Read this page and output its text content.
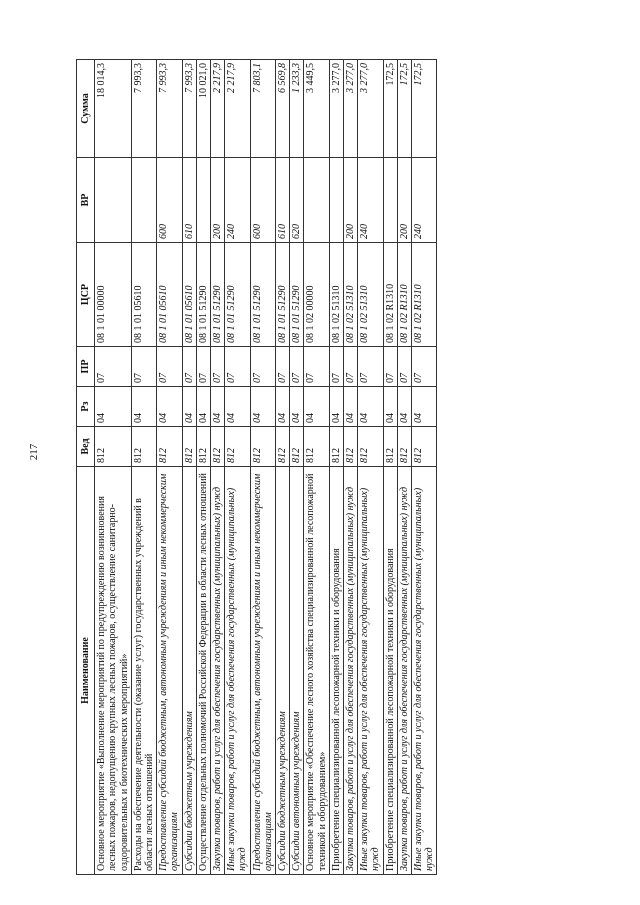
217
Наименование	Вед	Рз	ПР	ЦСР	ВР	Сумма
Основное мероприятие «Выполнение мероприятий по предупреждению возникновения лесных пожаров, недопущению крупных лесных пожаров, осуществление санитарно-оздоровительных и биотехнических мероприятий»	812	04	07	08 1 01 00000		18 014,3
Расходы на обеспечение деятельности (оказание услуг) государственных учреждений в области лесных отношений	812	04	07	08 1 01 05610		7 993,3
Предоставление субсидий бюджетным, автономным учреждениям и иным некоммерческим организациям	812	04	07	08 1 01 05610	600	7 993,3
Субсидии бюджетным учреждениям	812	04	07	08 1 01 05610	610	7 993,3
Осуществление отдельных полномочий Российской Федерации в области лесных отношений	812	04	07	08 1 01 51290		10 021,0
Закупка товаров, работ и услуг для обеспечения государственных (муниципальных) нужд	812	04	07	08 1 01 51290	200	2 217,9
Иные закупки товаров, работ и услуг для обеспечения государственных (муниципальных) нужд	812	04	07	08 1 01 51290	240	2 217,9
Предоставление субсидий бюджетным, автономным учреждениям и иным некоммерческим организациям	812	04	07	08 1 01 51290	600	7 803,1
Субсидии бюджетным учреждениям	812	04	07	08 1 01 51290	610	6 569,8
Субсидии автономным учреждениям	812	04	07	08 1 01 51290	620	1 233,3
Основное мероприятие «Обеспечение лесного хозяйства специализированной лесопожарной техникой и оборудованием»	812	04	07	08 1 02 00000		3 449,5
Приобретение специализированной лесопожарной техники и оборудования	812	04	07	08 1 02 51310		3 277,0
Закупка товаров, работ и услуг для обеспечения государственных (муниципальных) нужд	812	04	07	08 1 02 51310	200	3 277,0
Иные закупки товаров, работ и услуг для обеспечения государственных (муниципальных) нужд	812	04	07	08 1 02 51310	240	3 277,0
Приобретение специализированной лесопожарной техники и оборудования	812	04	07	08 1 02 R1310		172,5
Закупка товаров, работ и услуг для обеспечения государственных (муниципальных) нужд	812	04	07	08 1 02 R1310	200	172,5
Иные закупки товаров, работ и услуг для обеспечения государственных (муниципальных) нужд	812	04	07	08 1 02 R1310	240	172,5
